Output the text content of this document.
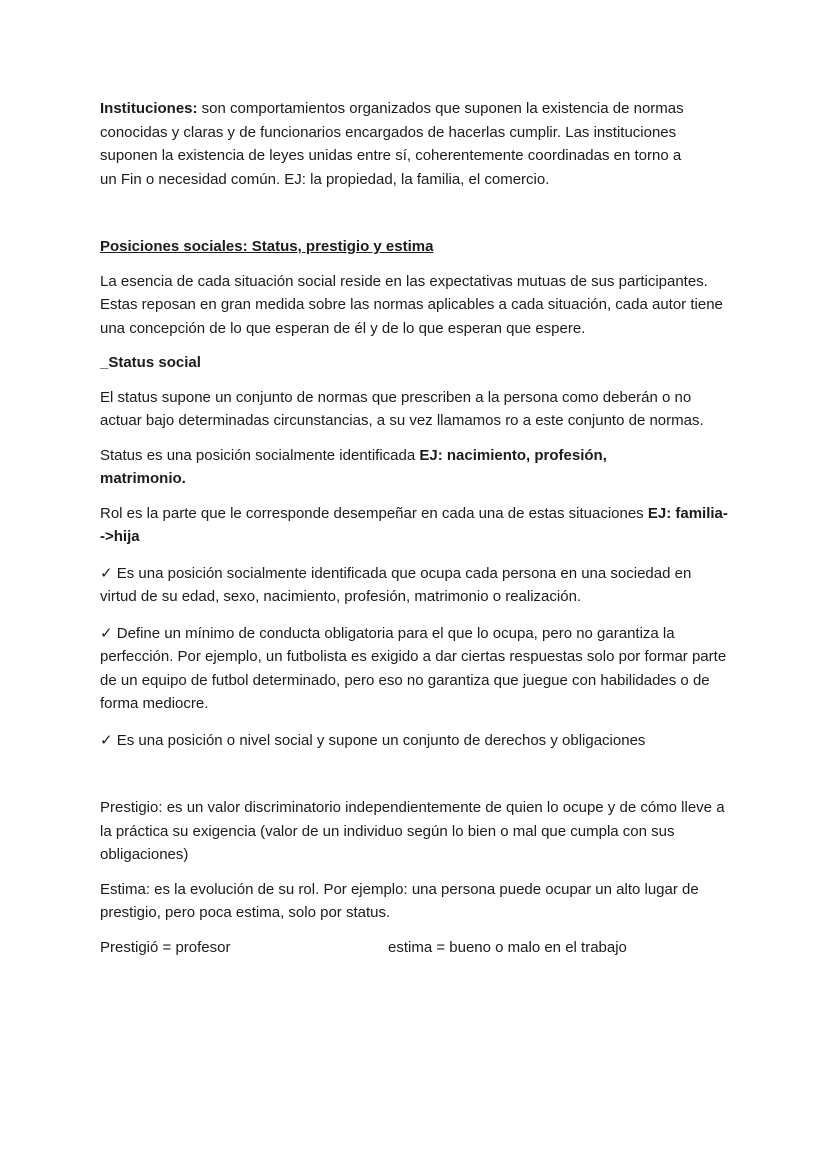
Instituciones: son comportamientos organizados que suponen la existencia de normas conocidas y claras y de funcionarios encargados de hacerlas cumplir. Las instituciones suponen la existencia de leyes unidas entre sí, coherentemente coordinadas en torno a un Fin o necesidad común. EJ: la propiedad, la familia, el comercio.

Posiciones sociales: Status, prestigio y estima

La esencia de cada situación social reside en las expectativas mutuas de sus participantes. Estas reposan en gran medida sobre las normas aplicables a cada situación, cada autor tiene una concepción de lo que esperan de él y de lo que esperan que espere.

_Status social

El status supone un conjunto de normas que prescriben a la persona como deberán o no actuar bajo determinadas circunstancias, a su vez llamamos ro a este conjunto de normas.

Status es una posición socialmente identificada EJ: nacimiento, profesión, matrimonio.

Rol es la parte que le corresponde desempeñar en cada una de estas situaciones EJ: familia-->hija

✓ Es una posición socialmente identificada que ocupa cada persona en una sociedad en virtud de su edad, sexo, nacimiento, profesión, matrimonio o realización.

✓ Define un mínimo de conducta obligatoria para el que lo ocupa, pero no garantiza la perfección. Por ejemplo, un futbolista es exigido a dar ciertas respuestas solo por formar parte de un equipo de futbol determinado, pero eso no garantiza que juegue con habilidades o de forma mediocre.

✓ Es una posición o nivel social y supone un conjunto de derechos y obligaciones

Prestigio: es un valor discriminatorio independientemente de quien lo ocupe y de cómo lleve a la práctica su exigencia (valor de un individuo según lo bien o mal que cumpla con sus obligaciones)

Estima: es la evolución de su rol. Por ejemplo: una persona puede ocupar un alto lugar de prestigio, pero poca estima, solo por status.

Prestigió = profesor	estima = bueno o malo en el trabajo
